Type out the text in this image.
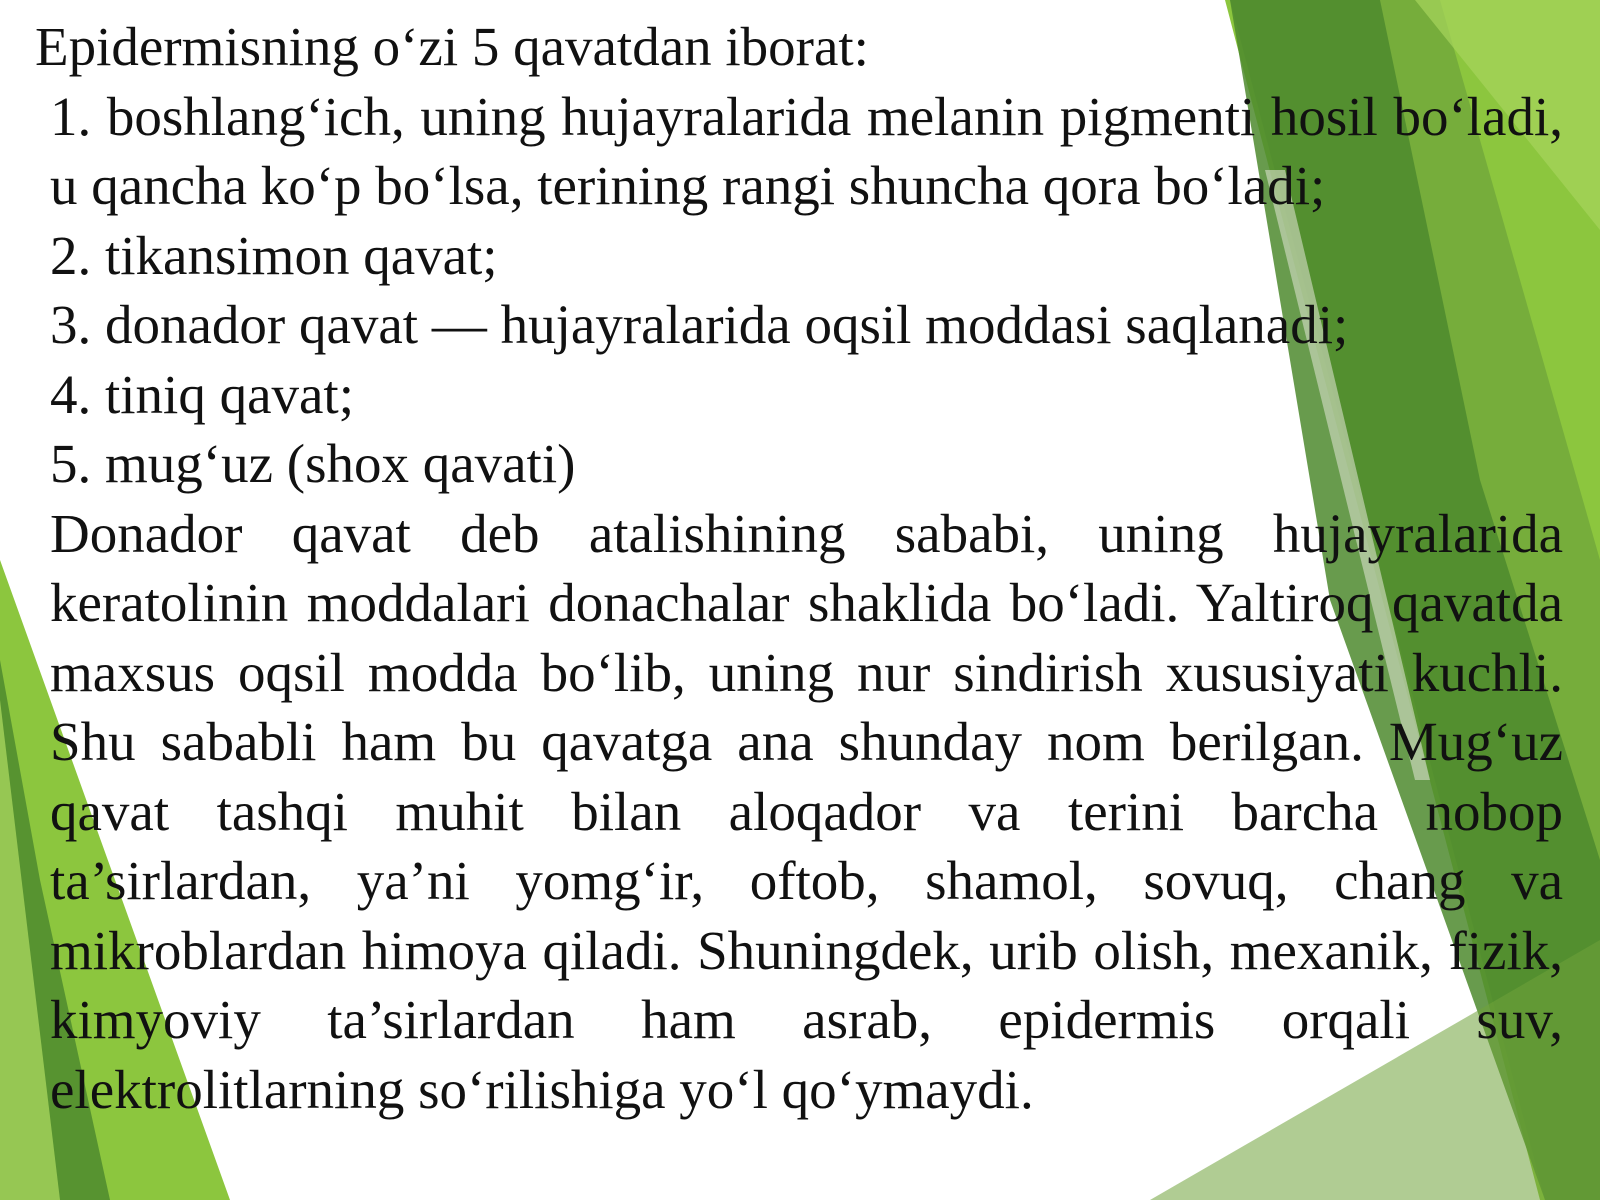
Epidermisning o‘zi 5 qavatdan iborat:

1. boshlang‘ich, uning hujayralarida melanin pigmenti hosil bo‘ladi, u qancha ko‘p bo‘lsa, terining rangi shuncha qora bo‘ladi;

2. tikansimon qavat;

3. donador qavat — hujayralarida oqsil moddasi saqlanadi;

4. tiniq qavat;

5. mug‘uz (shox qavati)

Donador qavat deb atalishining sababi, uning hujayralarida keratolinin moddalari donachalar shaklida bo‘ladi. Yaltiroq qavatda maxsus oqsil modda bo‘lib, uning nur sindirish xususiyati kuchli. Shu sababli ham bu qavatga ana shunday nom berilgan. Mug‘uz qavat tashqi muhit bilan aloqador va terini barcha nobop ta’sirlardan, ya’ni yomg‘ir, oftob, shamol, sovuq, chang va mikroblardan himoya qiladi. Shuningdek, urib olish, mexanik, fizik, kimyoviy ta’sirlardan ham asrab, epidermis orqali suv, elektrolitlarning so‘rilishiga yo‘l qo‘ymaydi.
